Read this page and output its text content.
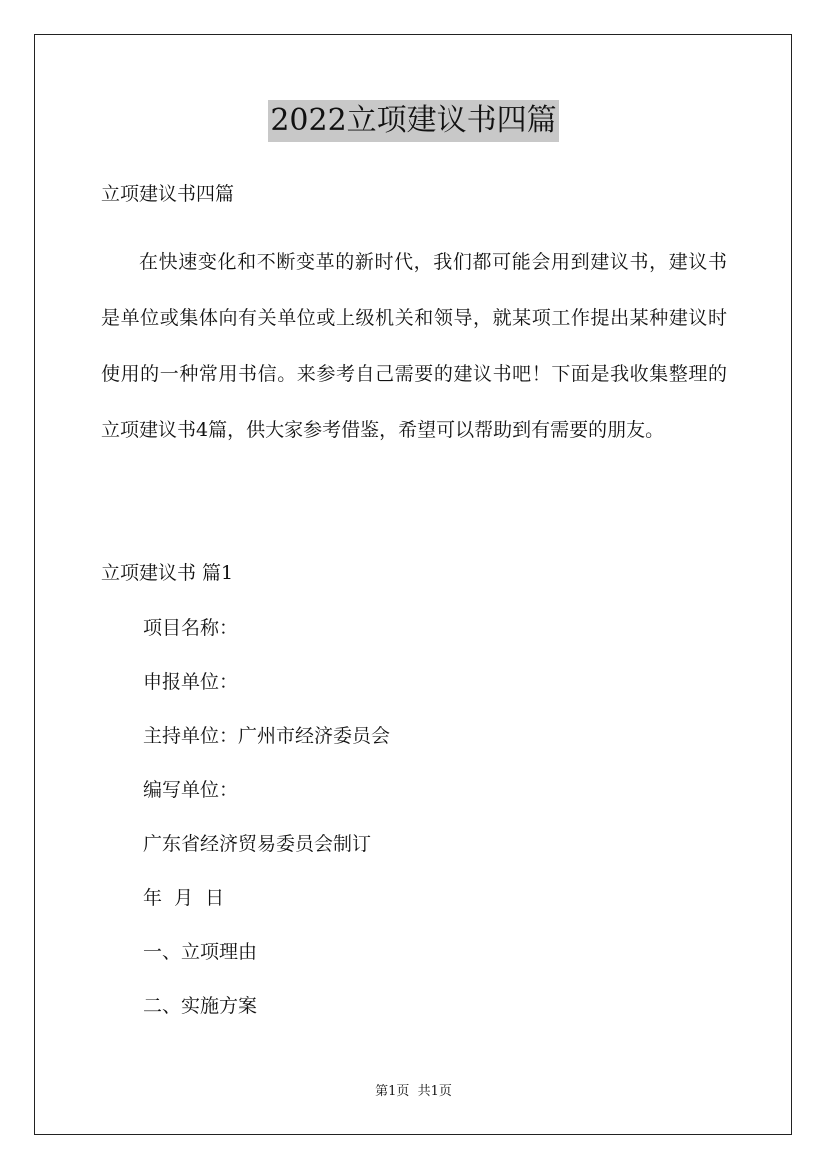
2022立项建议书四篇
立项建议书四篇
在快速变化和不断变革的新时代，我们都可能会用到建议书，建议书是单位或集体向有关单位或上级机关和领导，就某项工作提出某种建议时使用的一种常用书信。来参考自己需要的建议书吧！下面是我收集整理的立项建议书4篇，供大家参考借鉴，希望可以帮助到有需要的朋友。
立项建议书 篇1
项目名称：
申报单位：
主持单位：广州市经济委员会
编写单位：
广东省经济贸易委员会制订
年  月  日
一、立项理由
二、实施方案
第1页  共1页
